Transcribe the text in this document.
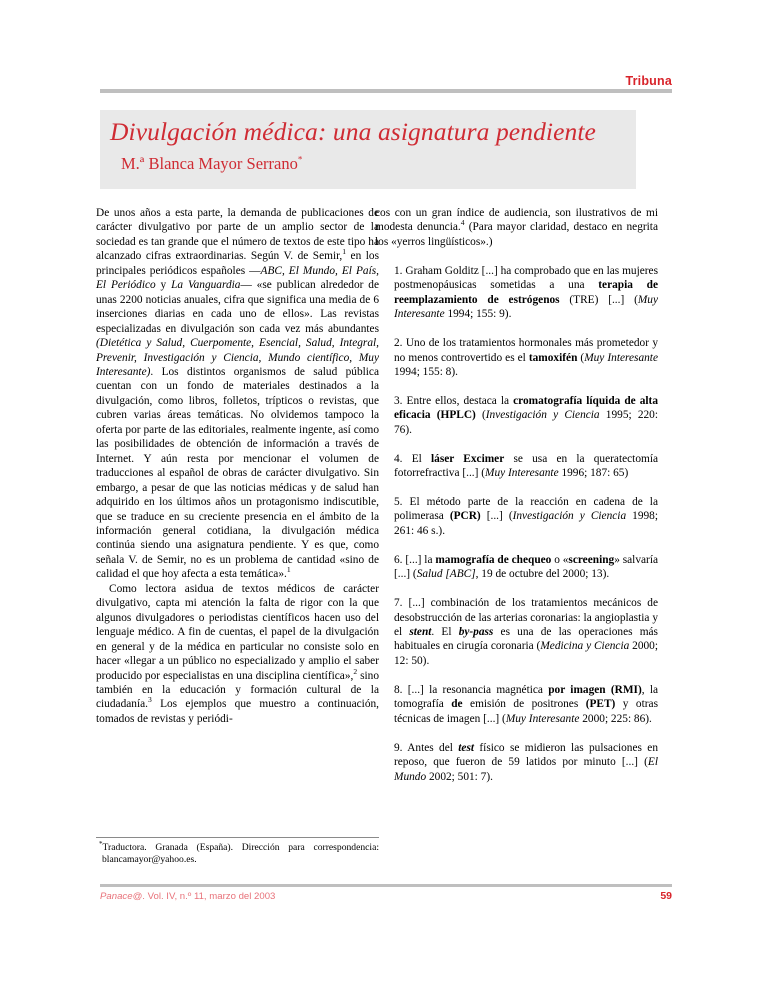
Tribuna
Divulgación médica: una asignatura pendiente
M.ª Blanca Mayor Serrano*

De unos años a esta parte, la demanda de publicaciones de carácter divulgativo por parte de un amplio sector de la sociedad es tan grande que el número de textos de este tipo ha alcanzado cifras extraordinarias. Según V. de Semir,$^1$ en los principales periódicos españoles —ABC, El Mundo, El País, El Periódico y La Vanguardia— «se publican alrededor de unas 2200 noticias anuales, cifra que significa una media de 6 inserciones diarias en cada uno de ellos». Las revistas especializadas en divulgación son cada vez más abundantes (Dietética y Salud, Cuerpomente, Esencial, Salud, Integral, Prevenir, Investigación y Ciencia, Mundo científico, Muy Interesante). Los distintos organismos de salud pública cuentan con un fondo de materiales destinados a la divulgación, como libros, folletos, trípticos o revistas, que cubren varias áreas temáticas. No olvidemos tampoco la oferta por parte de las editoriales, realmente ingente, así como las posibilidades de obtención de información a través de Internet. Y aún resta por mencionar el volumen de traducciones al español de obras de carácter divulgativo. Sin embargo, a pesar de que las noticias médicas y de salud han adquirido en los últimos años un protagonismo indiscutible, que se traduce en su creciente presencia en el ámbito de la información general cotidiana, la divulgación médica continúa siendo una asignatura pendiente. Y es que, como señala V. de Semir, no es un problema de cantidad «sino de calidad el que hoy afecta a esta temática».$^1$

Como lectora asidua de textos médicos de carácter divulgativo, capta mi atención la falta de rigor con la que algunos divulgadores o periodistas científicos hacen uso del lenguaje médico. A fin de cuentas, el papel de la divulgación en general y de la médica en particular no consiste solo en hacer «llegar a un público no especializado y amplio el saber producido por especialistas en una disciplina científica»,$^2$ sino también en la educación y formación cultural de la ciudadanía.$^3$ Los ejemplos que muestro a continuación, tomados de revistas y periódi-

cos con un gran índice de audiencia, son ilustrativos de mi modesta denuncia.$^4$ (Para mayor claridad, destaco en negrita los «yerros lingüísticos».)

1. Graham Golditz [...] ha comprobado que en las mujeres postmenopáusicas sometidas a una terapia de reemplazamiento de estrógenos (TRE) [...] (Muy Interesante 1994; 155: 9).

2. Uno de los tratamientos hormonales más prometedor y no menos controvertido es el tamoxifén (Muy Interesante 1994; 155: 8).

3. Entre ellos, destaca la cromatografía líquida de alta eficacia (HPLC) (Investigación y Ciencia 1995; 220: 76).

4. El láser Excimer se usa en la queratectomía fotorrefractiva [...] (Muy Interesante 1996; 187: 65)

5. El método parte de la reacción en cadena de la polimerasa (PCR) [...] (Investigación y Ciencia 1998; 261: 46 s.).

6. [...] la mamografía de chequeo o «screening» salvaría [...] (Salud [ABC], 19 de octubre del 2000; 13).

7. [...] combinación de los tratamientos mecánicos de desobstrucción de las arterias coronarias: la angioplastia y el stent. El by-pass es una de las operaciones más habituales en cirugía coronaria (Medicina y Ciencia 2000; 12: 50).

8. [...] la resonancia magnética por imagen (RMI), la tomografía de emisión de positrones (PET) y otras técnicas de imagen [...] (Muy Interesante 2000; 225: 86).

9. Antes del test físico se midieron las pulsaciones en reposo, que fueron de 59 latidos por minuto [...] (El Mundo 2002; 501: 7).

*Traductora. Granada (España). Dirección para correspondencia: blancamayor@yahoo.es.

Panace@. Vol. IV, n.º 11, marzo del 2003	59
